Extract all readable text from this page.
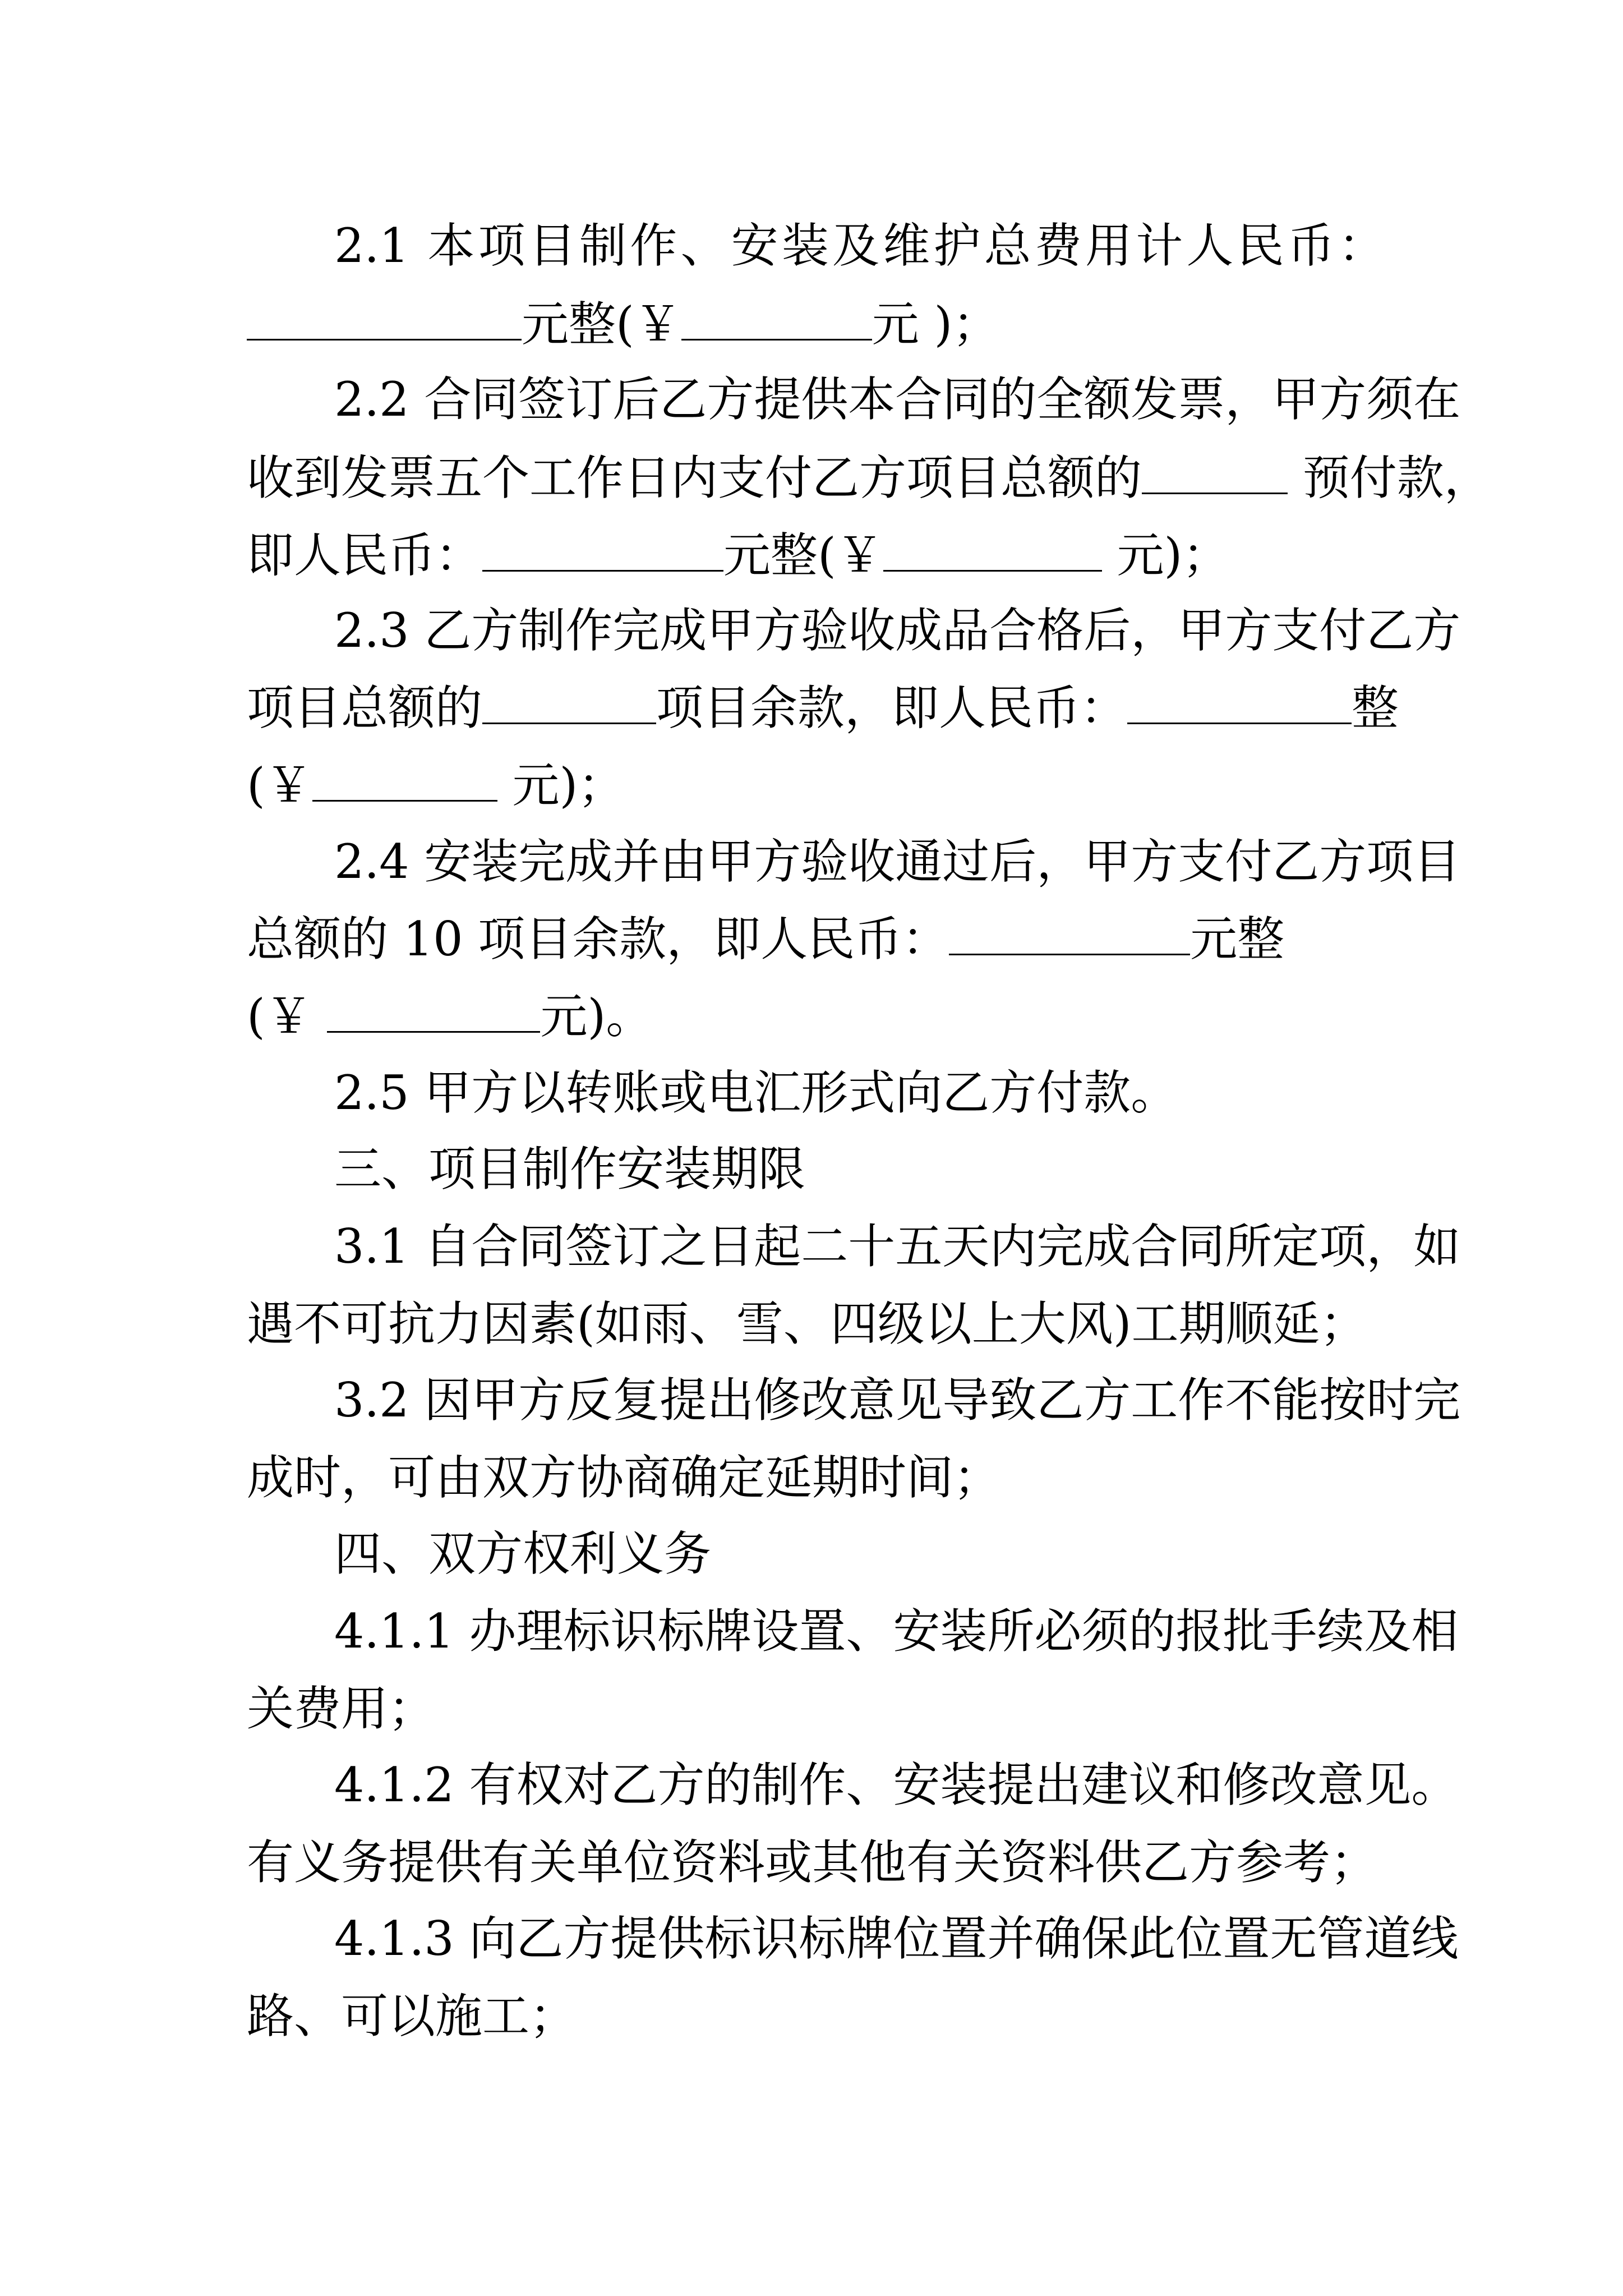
2.1 本项目制作、安装及维护总费用计人民币：
元整(￥	元 )；
2.2 合同签订后乙方提供本合同的全额发票，甲方须在
收到发票五个工作日内支付乙方项目总额的	预付款，
即人民币：	元整(￥	元)；
2.3 乙方制作完成甲方验收成品合格后，甲方支付乙方
项目总额的	项目余款，即人民币：	整
(￥	元)；
2.4 安装完成并由甲方验收通过后，甲方支付乙方项目
总额的 10 项目余款，即人民币：	元整
(￥	元)。
2.5 甲方以转账或电汇形式向乙方付款。
三、项目制作安装期限
3.1 自合同签订之日起二十五天内完成合同所定项，如
遇不可抗力因素(如雨、雪、四级以上大风)工期顺延；
3.2 因甲方反复提出修改意见导致乙方工作不能按时完
成时，可由双方协商确定延期时间；
四、双方权利义务
4.1.1 办理标识标牌设置、安装所必须的报批手续及相
关费用；
4.1.2 有权对乙方的制作、安装提出建议和修改意见。
有义务提供有关单位资料或其他有关资料供乙方参考；
4.1.3 向乙方提供标识标牌位置并确保此位置无管道线
路、可以施工；
